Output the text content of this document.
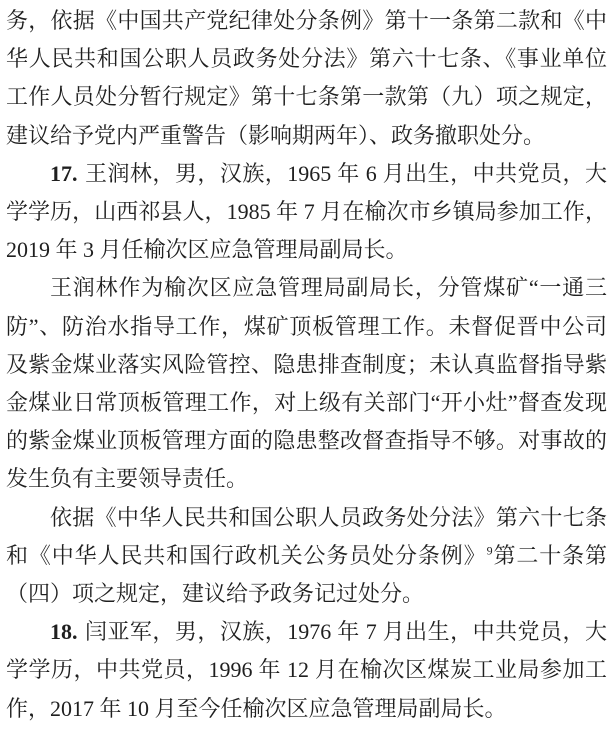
务，依据《中国共产党纪律处分条例》第十一条第二款和《中华人民共和国公职人员政务处分法》第六十七条、《事业单位工作人员处分暂行规定》第十七条第一款第（九）项之规定，建议给予党内严重警告（影响期两年）、政务撤职处分。

17. 王润林，男，汉族，1965 年 6 月出生，中共党员，大学学历，山西祁县人，1985 年 7 月在榆次市乡镇局参加工作，2019 年 3 月任榆次区应急管理局副局长。

王润林作为榆次区应急管理局副局长，分管煤矿“一通三防”、防治水指导工作，煤矿顶板管理工作。未督促晋中公司及紫金煤业落实风险管控、隐患排查制度；未认真监督指导紫金煤业日常顶板管理工作，对上级有关部门“开小灶”督查发现的紫金煤业顶板管理方面的隐患整改督查指导不够。对事故的发生负有主要领导责任。

依据《中华人民共和国公职人员政务处分法》第六十七条和《中华人民共和国行政机关公务员处分条例》$^9$第二十条第（四）项之规定，建议给予政务记过处分。

18. 闫亚军，男，汉族，1976 年 7 月出生，中共党员，大学学历，中共党员，1996 年 12 月在榆次区煤炭工业局参加工作，2017 年 10 月至今任榆次区应急管理局副局长。
